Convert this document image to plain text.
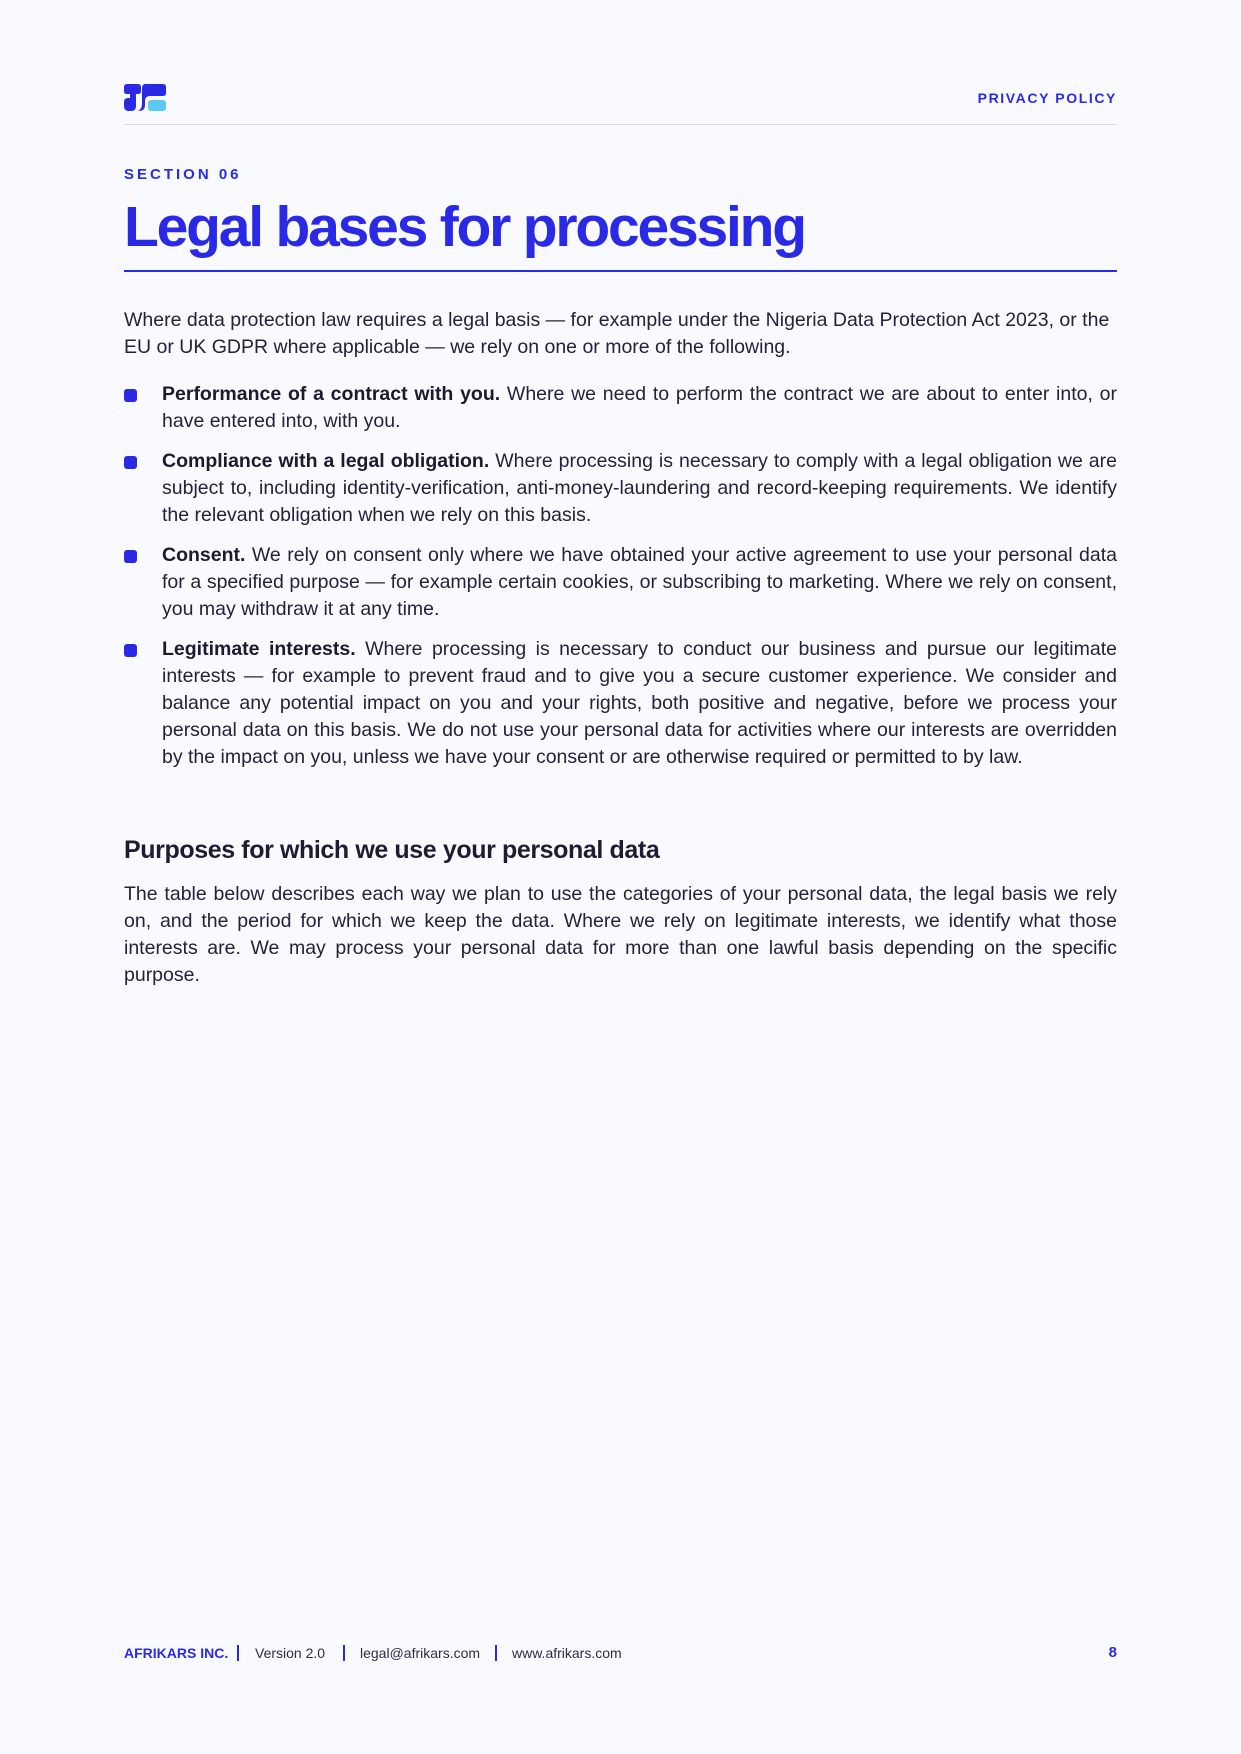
PRIVACY POLICY
SECTION 06
Legal bases for processing

Where data protection law requires a legal basis — for example under the Nigeria Data Protection Act 2023, or the EU or UK GDPR where applicable — we rely on one or more of the following.

Performance of a contract with you. Where we need to perform the contract we are about to enter into, or have entered into, with you.
Compliance with a legal obligation. Where processing is necessary to comply with a legal obligation we are subject to, including identity-verification, anti-money-laundering and record-keeping requirements. We identify the relevant obligation when we rely on this basis.
Consent. We rely on consent only where we have obtained your active agreement to use your personal data for a specified purpose — for example certain cookies, or subscribing to marketing. Where we rely on consent, you may withdraw it at any time.
Legitimate interests. Where processing is necessary to conduct our business and pursue our legitimate interests — for example to prevent fraud and to give you a secure customer experience. We consider and balance any potential impact on you and your rights, both positive and negative, before we process your personal data on this basis. We do not use your personal data for activities where our interests are overridden by the impact on you, unless we have your consent or are otherwise required or permitted to by law.
Purposes for which we use your personal data

The table below describes each way we plan to use the categories of your personal data, the legal basis we rely on, and the period for which we keep the data. Where we rely on legitimate interests, we identify what those interests are. We may process your personal data for more than one lawful basis depending on the specific purpose.

AFRIKARS INC. Version 2.0 legal@afrikars.com www.afrikars.com	8
